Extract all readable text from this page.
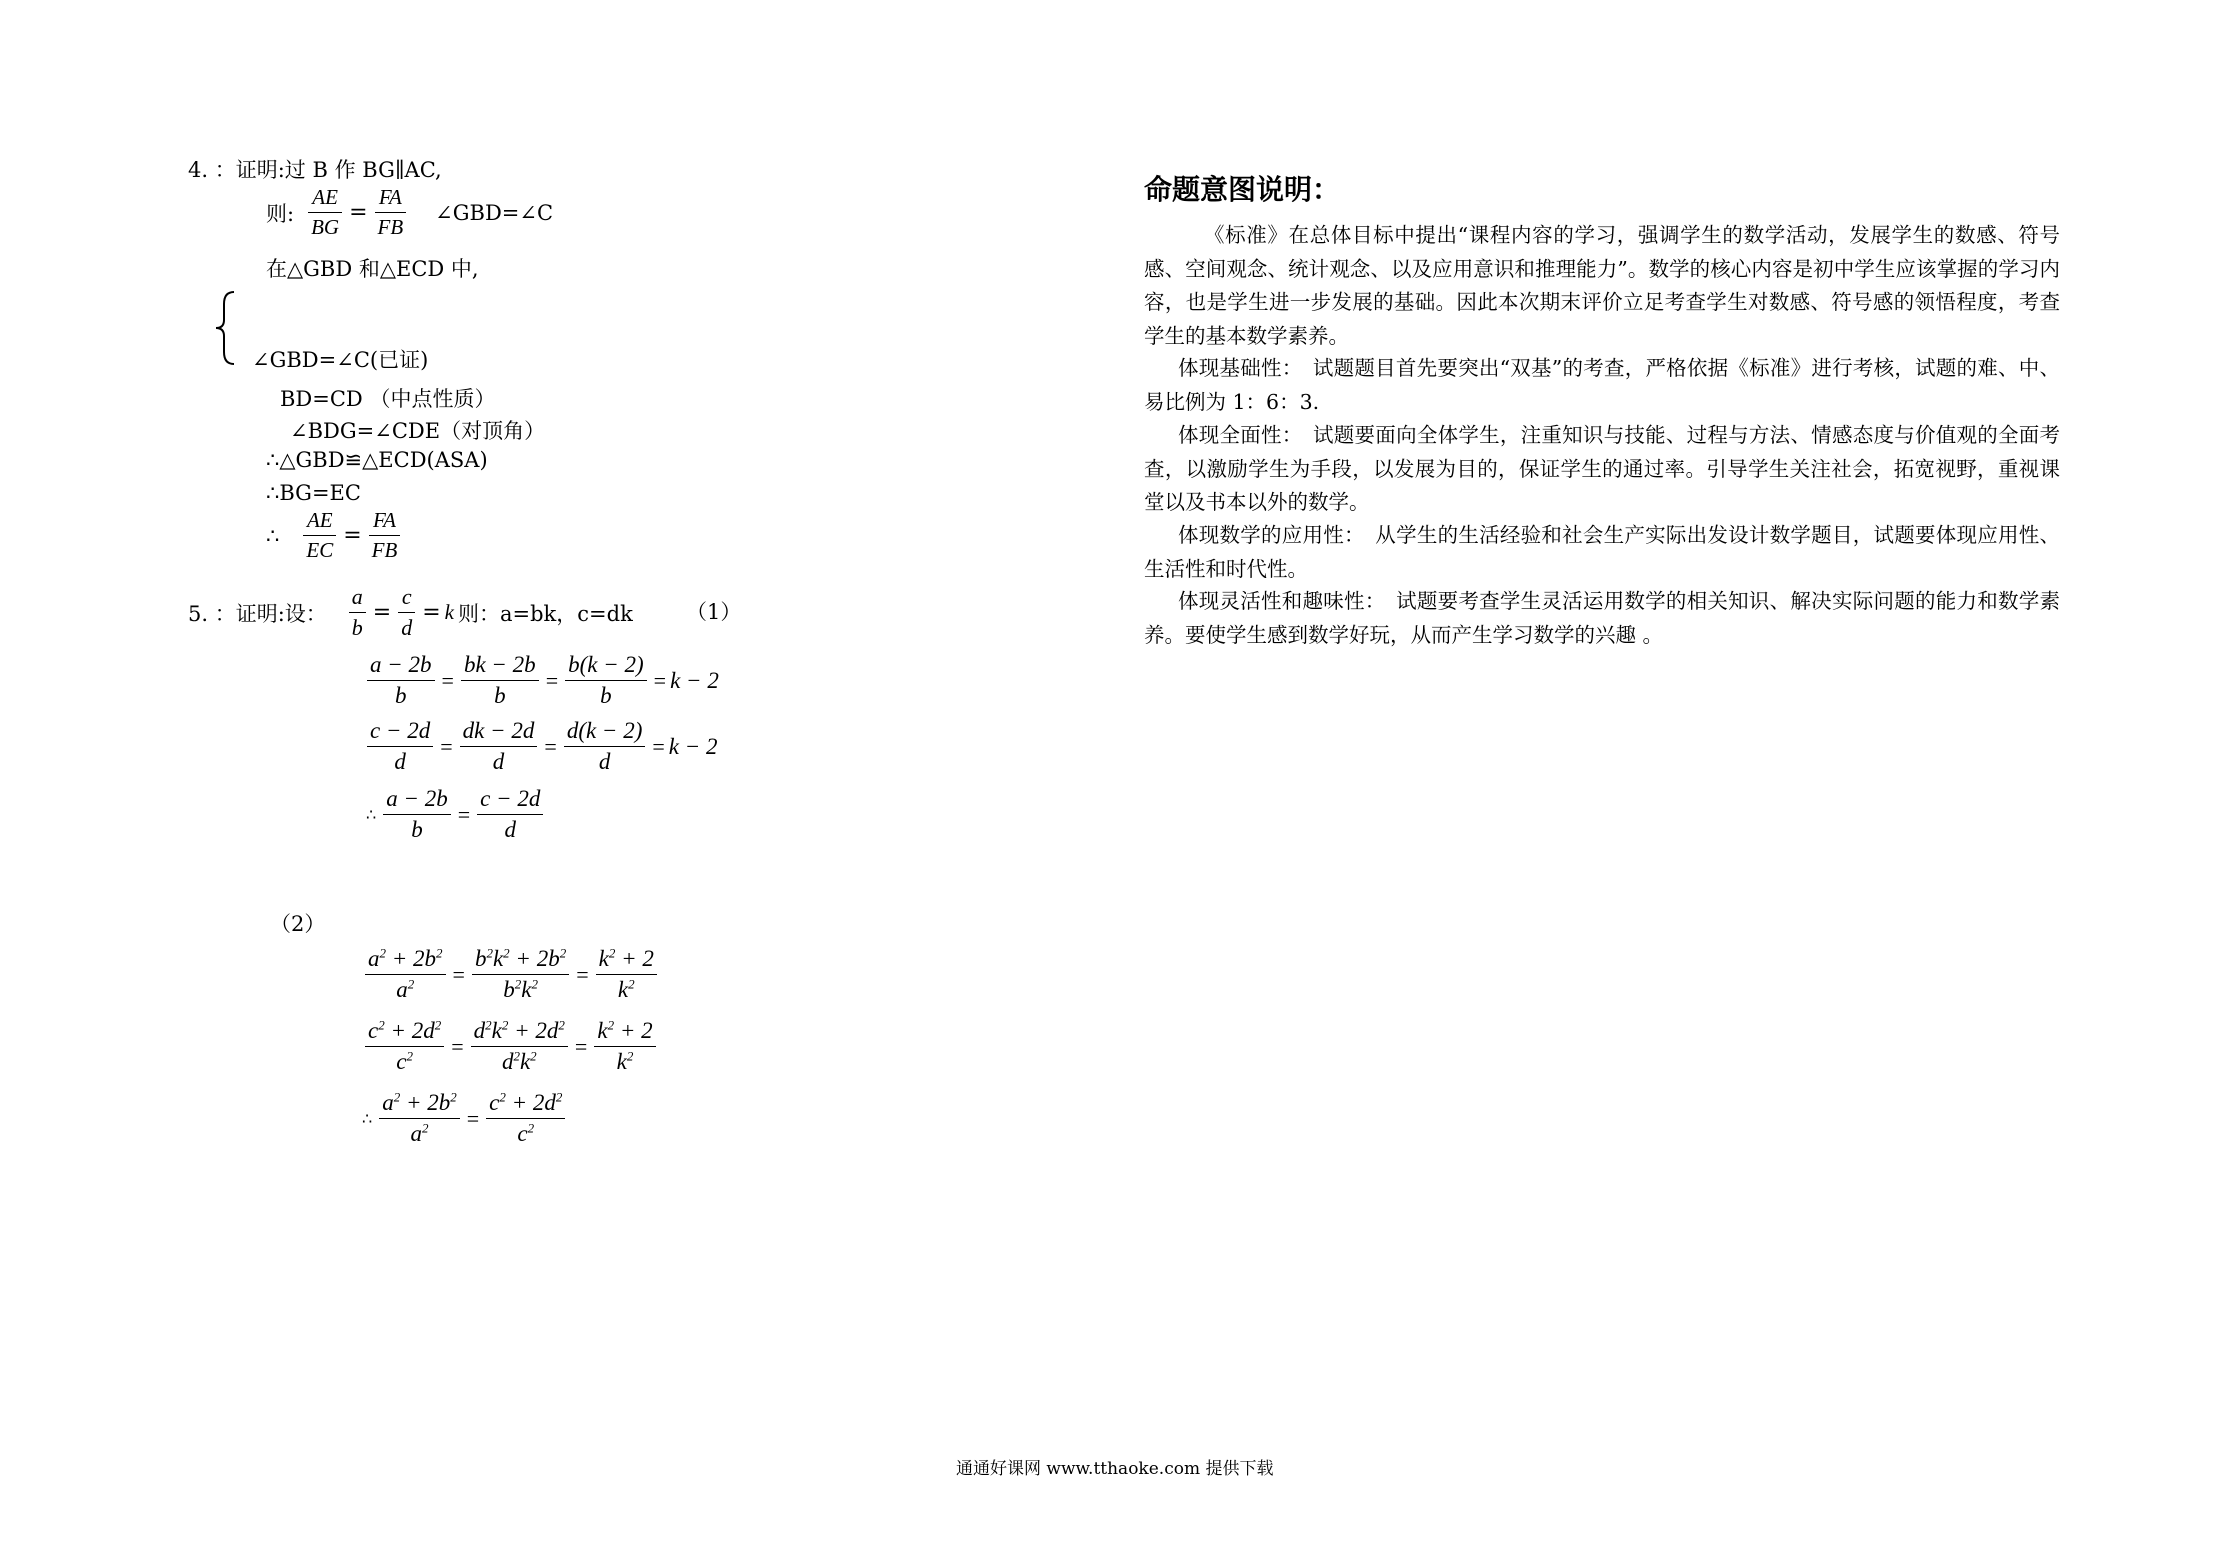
4. ：证明:过 B 作 BG∥AC,
则: $\frac{AE}{BG} = \frac{FA}{FB}$ ∠GBD=∠C
在△GBD 和△ECD 中,
∠GBD=∠C(已证)
BD=CD （中点性质）
∠BDG=∠CDE（对顶角）
∴△GBD≌△ECD(ASA)
∴BG=EC
∴ $\frac{AE}{EC} = \frac{FA}{FB}$
5. ：证明:设： $\frac{a}{b} = \frac{c}{d} = k$ 则：a=bk，c=dk	（1）
$\frac{a - 2b}{b} = \frac{bk - 2b}{b} = \frac{b(k - 2)}{b} = k - 2$
$\frac{c - 2d}{d} = \frac{dk - 2d}{d} = \frac{d(k - 2)}{d} = k - 2$
∴ $\frac{a - 2b}{b} = \frac{c - 2d}{d}$
（2）
$\frac{a^2 + 2b^2}{a^2} = \frac{b^2k^2 + 2b^2}{b^2k^2} = \frac{k^2 + 2}{k^2}$
$\frac{c^2 + 2d^2}{c^2} = \frac{d^2k^2 + 2d^2}{d^2k^2} = \frac{k^2 + 2}{k^2}$
∴ $\frac{a^2 + 2b^2}{a^2} = \frac{c^2 + 2d^2}{c^2}$
命题意图说明：
《标准》在总体目标中提出“课程内容的学习，强调学生的数学活动，发展学生的数感、符号感、空间观念、统计观念、以及应用意识和推理能力”。数学的核心内容是初中学生应该掌握的学习内容，也是学生进一步发展的基础。因此本次期末评价立足考查学生对数感、符号感的领悟程度，考查学生的基本数学素养。
体现基础性：　试题题目首先要突出“双基”的考查，严格依据《标准》进行考核，试题的难、中、易比例为 1：6：3.
体现全面性：　试题要面向全体学生，注重知识与技能、过程与方法、情感态度与价值观的全面考查，以激励学生为手段，以发展为目的，保证学生的通过率。引导学生关注社会，拓宽视野，重视课堂以及书本以外的数学。
体现数学的应用性：　从学生的生活经验和社会生产实际出发设计数学题目，试题要体现应用性、生活性和时代性。
体现灵活性和趣味性：　试题要考查学生灵活运用数学的相关知识、解决实际问题的能力和数学素养。要使学生感到数学好玩，从而产生学习数学的兴趣 。
通通好课网 www.tthaoke.com 提供下载
